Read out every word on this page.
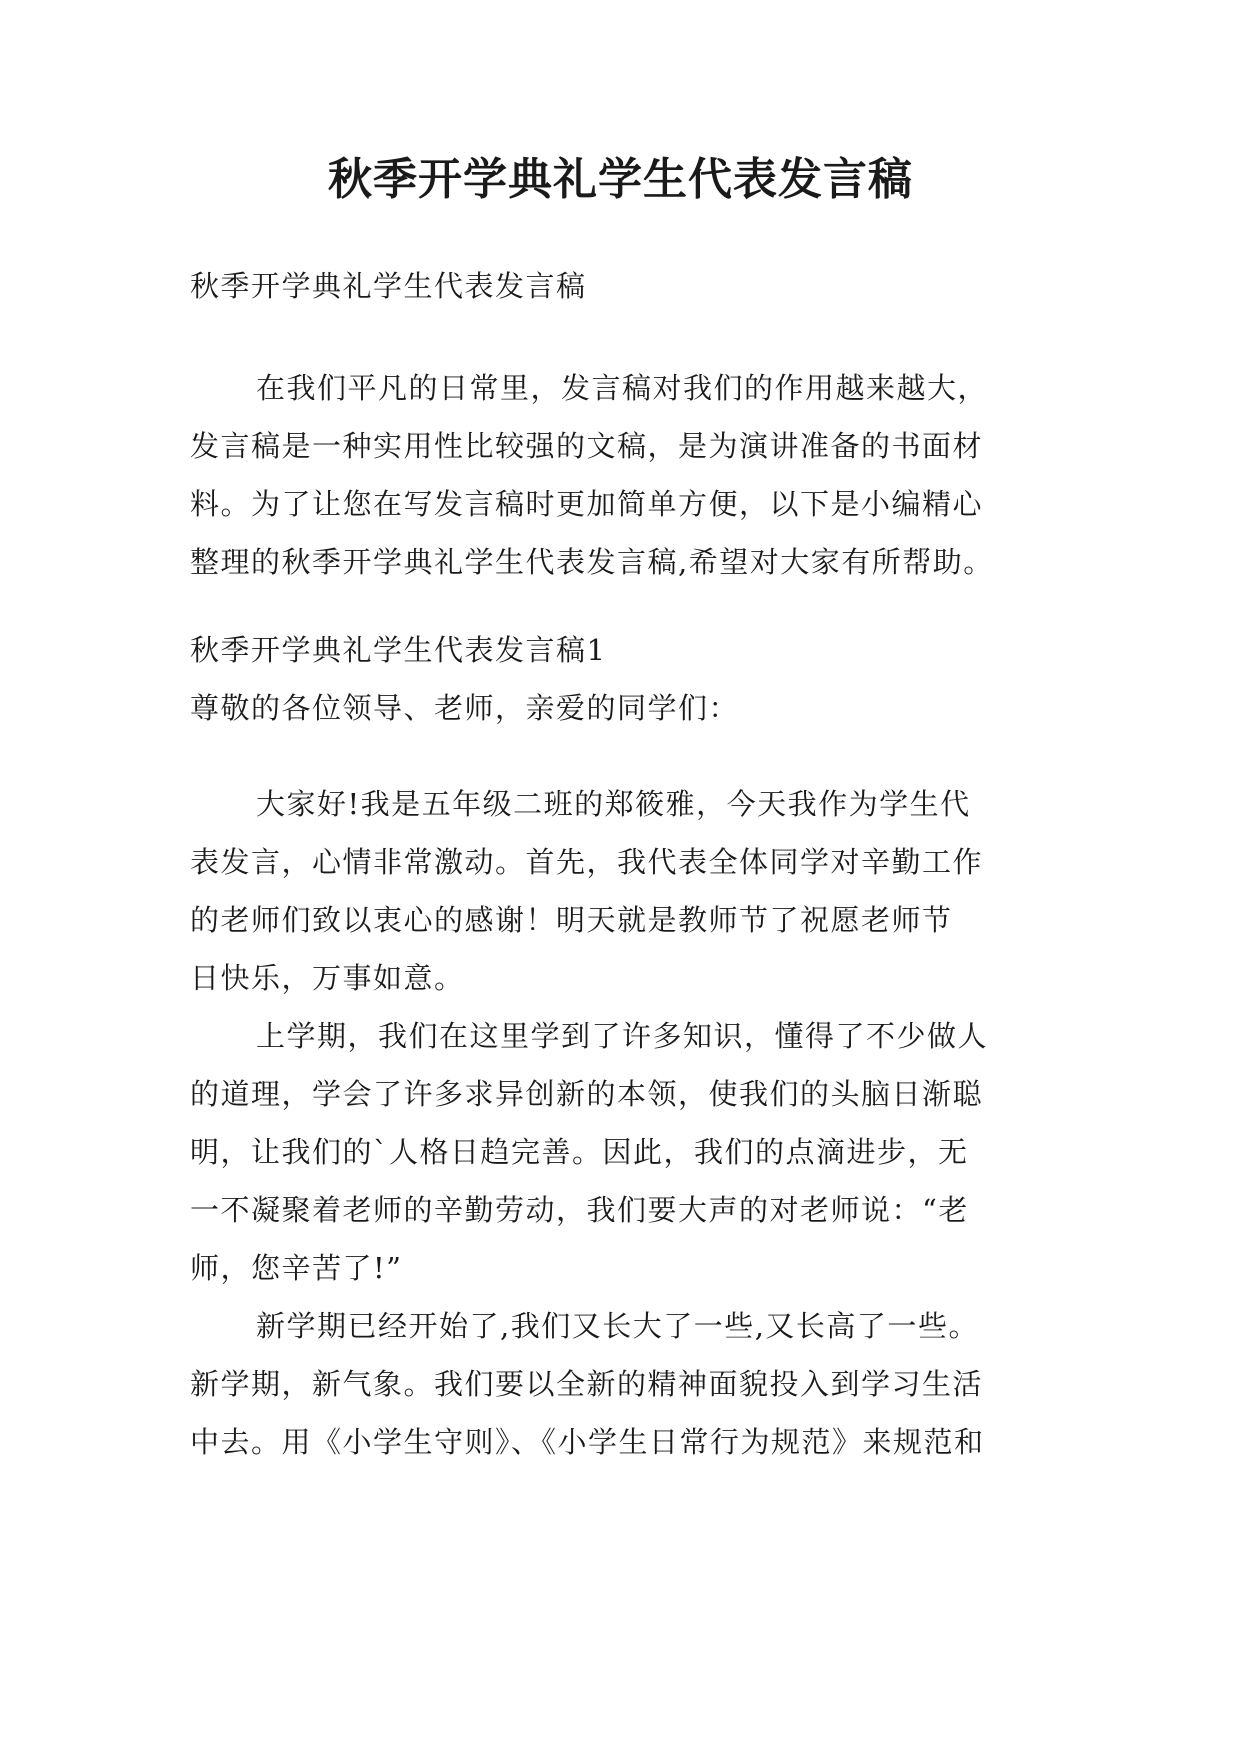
秋季开学典礼学生代表发言稿

秋季开学典礼学生代表发言稿

在我们平凡的日常里，发言稿对我们的作用越来越大，
发言稿是一种实用性比较强的文稿，是为演讲准备的书面材
料。为了让您在写发言稿时更加简单方便，以下是小编精心
整理的秋季开学典礼学生代表发言稿,希望对大家有所帮助。

秋季开学典礼学生代表发言稿1
尊敬的各位领导、老师，亲爱的同学们：

大家好!我是五年级二班的郑筱雅，今天我作为学生代
表发言，心情非常激动。首先，我代表全体同学对辛勤工作
的老师们致以衷心的感谢！明天就是教师节了祝愿老师节
日快乐，万事如意。

上学期，我们在这里学到了许多知识，懂得了不少做人
的道理，学会了许多求异创新的本领，使我们的头脑日渐聪
明，让我们的`人格日趋完善。因此，我们的点滴进步，无
一不凝聚着老师的辛勤劳动，我们要大声的对老师说：“老
师，您辛苦了!”

新学期已经开始了,我们又长大了一些,又长高了一些。
新学期，新气象。我们要以全新的精神面貌投入到学习生活
中去。用《小学生守则》、《小学生日常行为规范》来规范和
